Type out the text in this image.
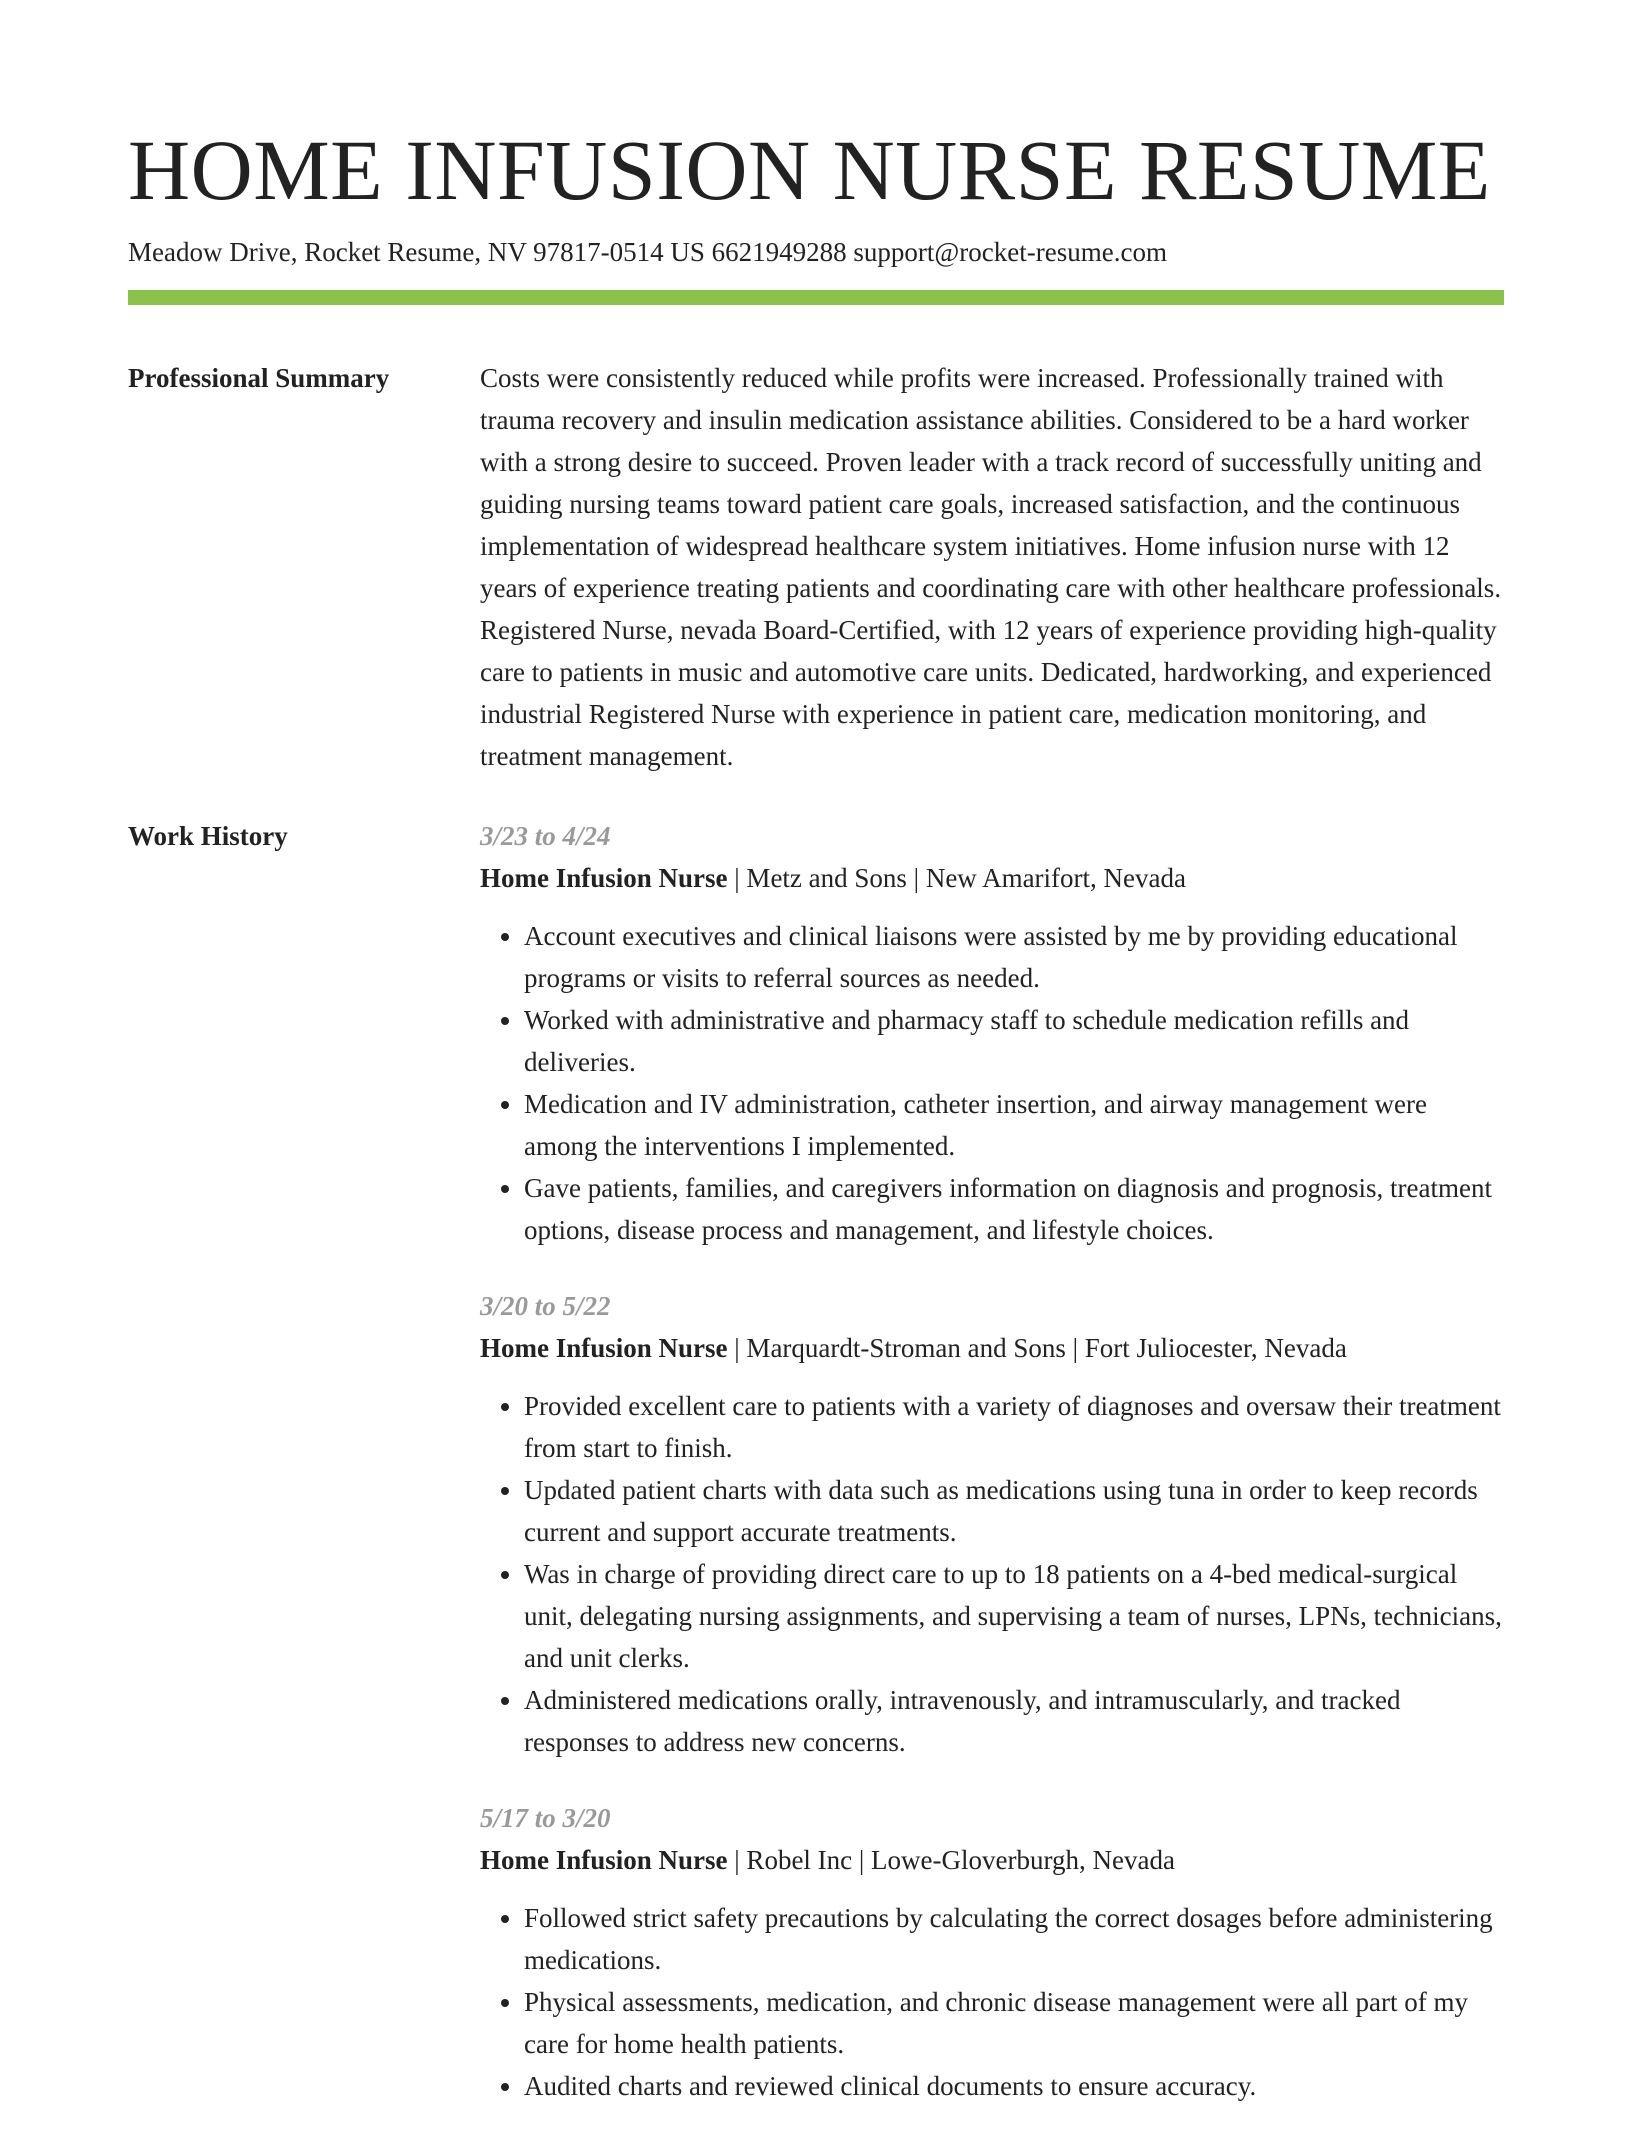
HOME INFUSION NURSE RESUME
Meadow Drive, Rocket Resume, NV 97817-0514 US 6621949288 support@rocket-resume.com
Professional Summary	Costs were consistently reduced while profits were increased. Professionally trained with trauma recovery and insulin medication assistance abilities. Considered to be a hard worker with a strong desire to succeed. Proven leader with a track record of successfully uniting and guiding nursing teams toward patient care goals, increased satisfaction, and the continuous implementation of widespread healthcare system initiatives. Home infusion nurse with 12 years of experience treating patients and coordinating care with other healthcare professionals. Registered Nurse, nevada Board-Certified, with 12 years of experience providing high-quality care to patients in music and automotive care units. Dedicated, hardworking, and experienced industrial Registered Nurse with experience in patient care, medication monitoring, and treatment management.

Work History	3/23 to 4/24
Home Infusion Nurse | Metz and Sons | New Amarifort, Nevada
• Account executives and clinical liaisons were assisted by me by providing educational programs or visits to referral sources as needed.
• Worked with administrative and pharmacy staff to schedule medication refills and deliveries.
• Medication and IV administration, catheter insertion, and airway management were among the interventions I implemented.
• Gave patients, families, and caregivers information on diagnosis and prognosis, treatment options, disease process and management, and lifestyle choices.
3/20 to 5/22
Home Infusion Nurse | Marquardt-Stroman and Sons | Fort Juliocester, Nevada
• Provided excellent care to patients with a variety of diagnoses and oversaw their treatment from start to finish.
• Updated patient charts with data such as medications using tuna in order to keep records current and support accurate treatments.
• Was in charge of providing direct care to up to 18 patients on a 4-bed medical-surgical unit, delegating nursing assignments, and supervising a team of nurses, LPNs, technicians, and unit clerks.
• Administered medications orally, intravenously, and intramuscularly, and tracked responses to address new concerns.
5/17 to 3/20
Home Infusion Nurse | Robel Inc | Lowe-Gloverburgh, Nevada
• Followed strict safety precautions by calculating the correct dosages before administering medications.
• Physical assessments, medication, and chronic disease management were all part of my care for home health patients.
• Audited charts and reviewed clinical documents to ensure accuracy.
